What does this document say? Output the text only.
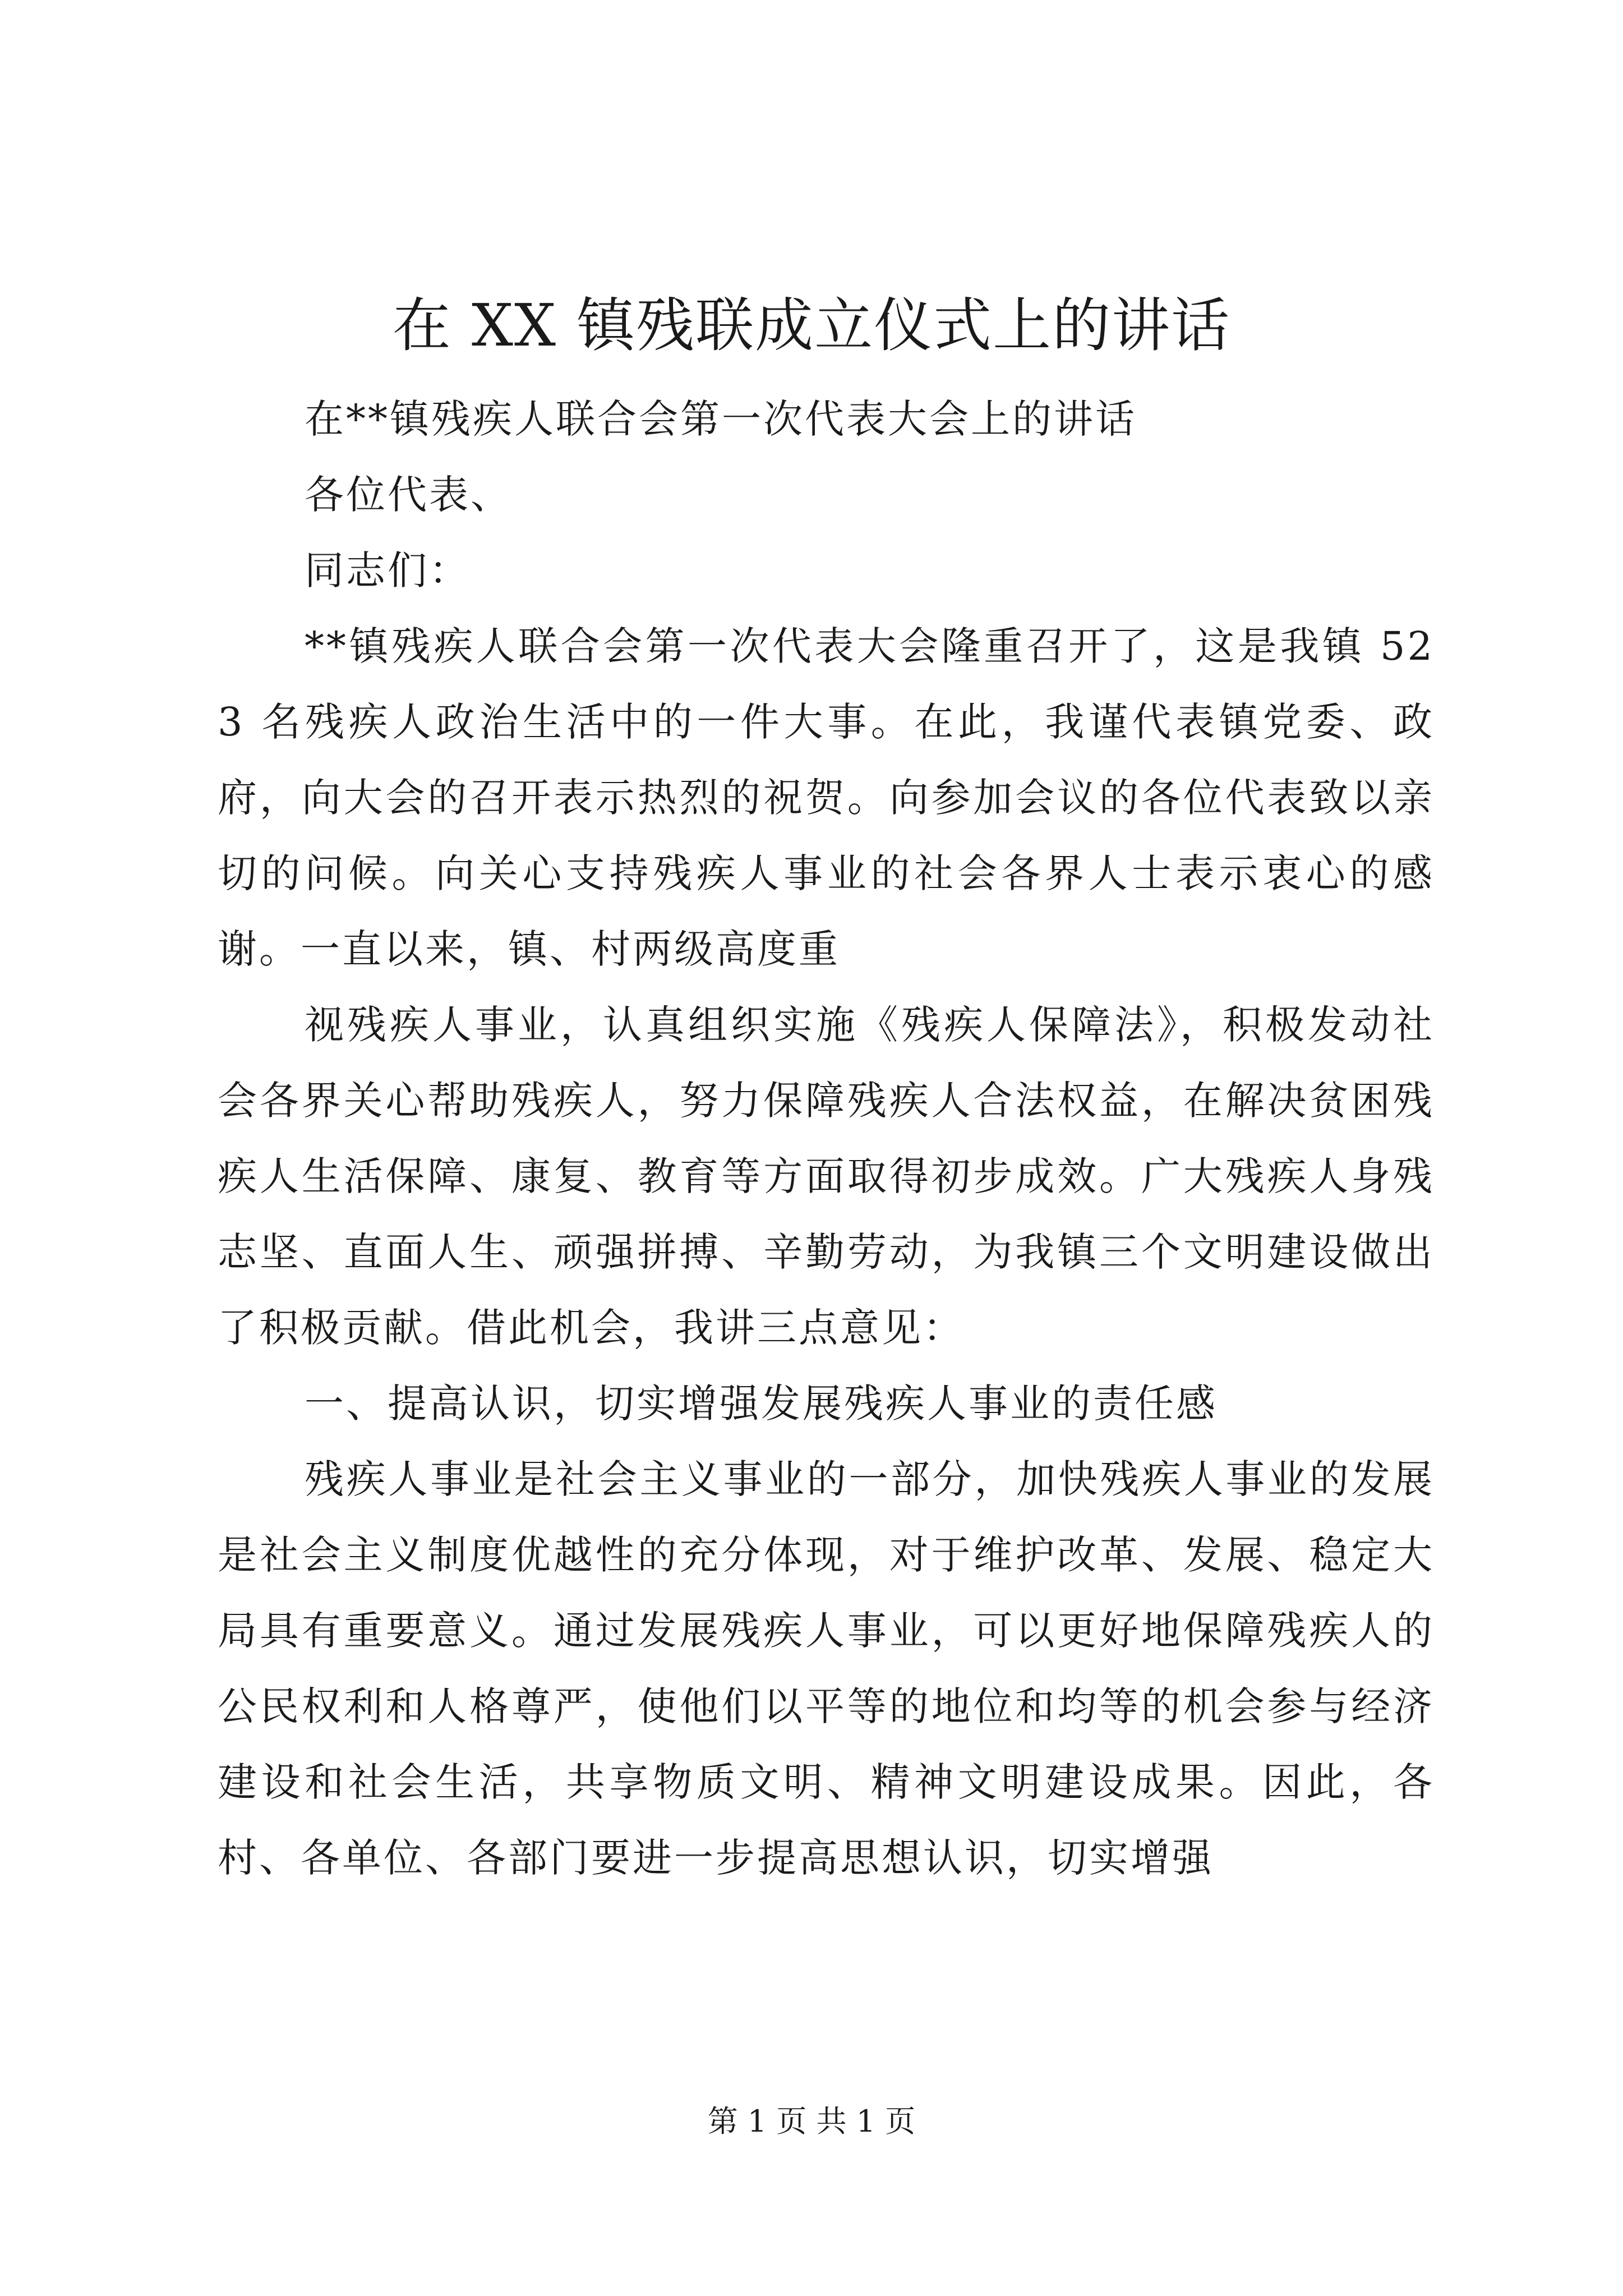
在 XX 镇残联成立仪式上的讲话

在**镇残疾人联合会第一次代表大会上的讲话

各位代表、

同志们：

**镇残疾人联合会第一次代表大会隆重召开了，这是我镇 523 名残疾人政治生活中的一件大事。在此，我谨代表镇党委、政府，向大会的召开表示热烈的祝贺。向参加会议的各位代表致以亲切的问候。向关心支持残疾人事业的社会各界人士表示衷心的感谢。一直以来，镇、村两级高度重

视残疾人事业，认真组织实施《残疾人保障法》，积极发动社会各界关心帮助残疾人，努力保障残疾人合法权益，在解决贫困残疾人生活保障、康复、教育等方面取得初步成效。广大残疾人身残志坚、直面人生、顽强拼搏、辛勤劳动，为我镇三个文明建设做出了积极贡献。借此机会，我讲三点意见：

一、提高认识，切实增强发展残疾人事业的责任感

残疾人事业是社会主义事业的一部分，加快残疾人事业的发展是社会主义制度优越性的充分体现，对于维护改革、发展、稳定大局具有重要意义。通过发展残疾人事业，可以更好地保障残疾人的公民权利和人格尊严，使他们以平等的地位和均等的机会参与经济建设和社会生活，共享物质文明、精神文明建设成果。因此，各村、各单位、各部门要进一步提高思想认识，切实增强

第 1 页 共 1 页
